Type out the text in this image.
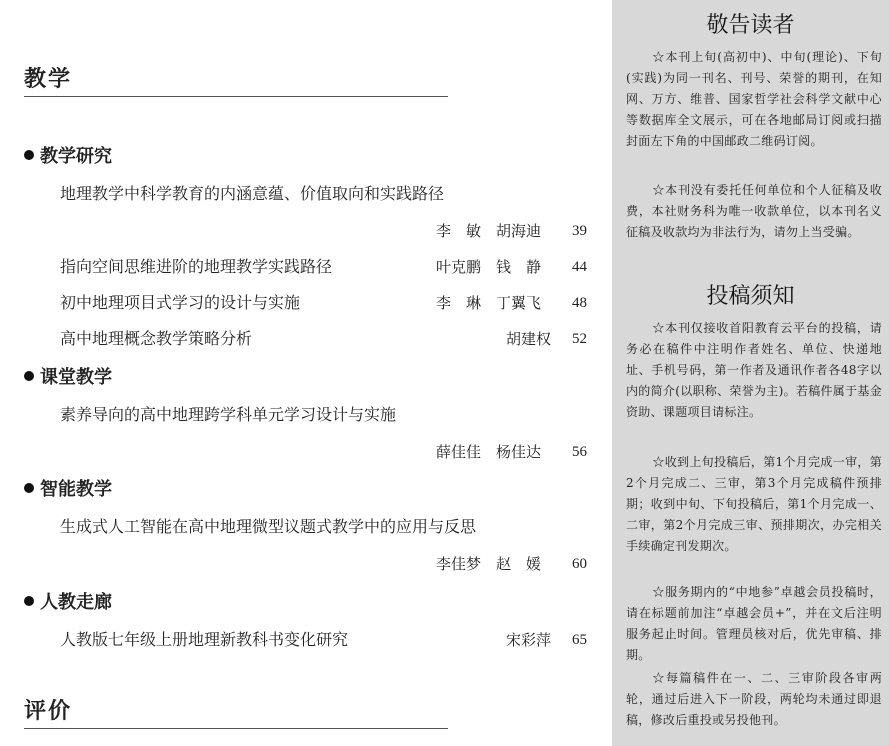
教学
教学研究
地理教学中科学教育的内涵意蕴、价值取向和实践路径
李　敏　胡海迪 39
指向空间思维进阶的地理教学实践路径	叶克鹏　钱　静 44
初中地理项目式学习的设计与实施	李　琳　丁翼飞 48
高中地理概念教学策略分析	胡建权 52
课堂教学
素养导向的高中地理跨学科单元学习设计与实施
薛佳佳　杨佳达 56
智能教学
生成式人工智能在高中地理微型议题式教学中的应用与反思
李佳梦　赵　媛 60
人教走廊
人教版七年级上册地理新教科书变化研究	宋彩萍 65
评价
敬告读者
☆本刊上旬(高初中)、中旬(理论)、下旬(实践)为同一刊名、刊号、荣誉的期刊，在知网、万方、维普、国家哲学社会科学文献中心等数据库全文展示，可在各地邮局订阅或扫描封面左下角的中国邮政二维码订阅。
☆本刊没有委托任何单位和个人征稿及收费，本社财务科为唯一收款单位，以本刊名义征稿及收款均为非法行为，请勿上当受骗。
投稿须知
☆本刊仅接收首阳教育云平台的投稿，请务必在稿件中注明作者姓名、单位、快递地址、手机号码，第一作者及通讯作者各48字以内的简介(以职称、荣誉为主)。若稿件属于基金资助、课题项目请标注。
☆收到上旬投稿后，第1个月完成一审，第2个月完成二、三审，第3个月完成稿件预排期；收到中旬、下旬投稿后，第1个月完成一、二审，第2个月完成三审、预排期次，办完相关手续确定刊发期次。
☆服务期内的“中地参”卓越会员投稿时，请在标题前加注“卓越会员+”，并在文后注明服务起止时间。管理员核对后，优先审稿、排期。
☆每篇稿件在一、二、三审阶段各审两轮，通过后进入下一阶段，两轮均未通过即退稿，修改后重投或另投他刊。
